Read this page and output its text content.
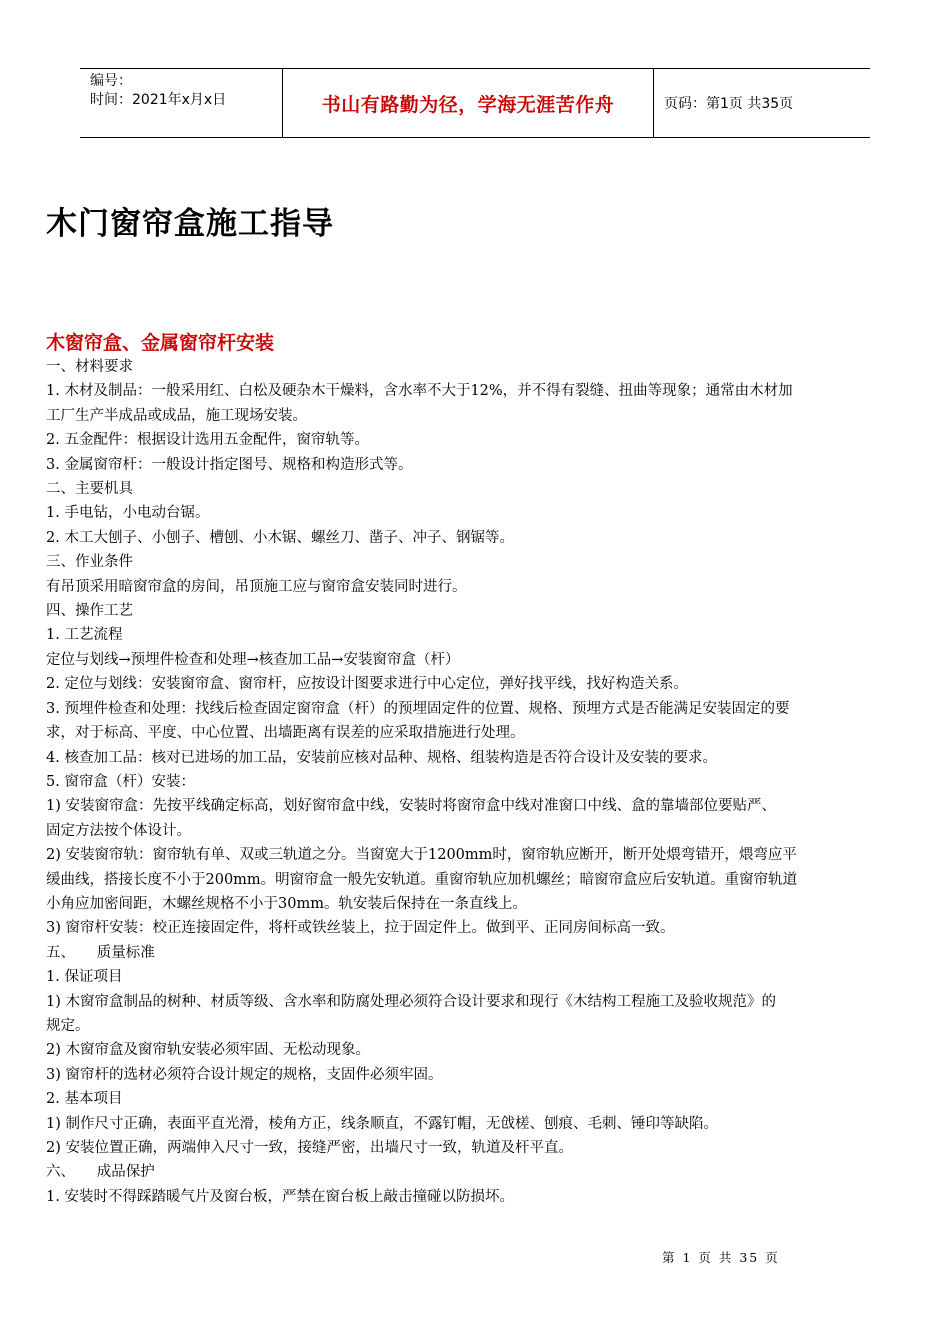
编号：
时间：2021年x月x日	书山有路勤为径，学海无涯苦作舟	页码：第1页 共35页
木门窗帘盒施工指导
木窗帘盒、金属窗帘杆安装
一、材料要求
1. 木材及制品：一般采用红、白松及硬杂木干燥料，含水率不大于12%，并不得有裂缝、扭曲等现象；通常由木材加
工厂生产半成品或成品，施工现场安装。
2. 五金配件：根据设计选用五金配件，窗帘轨等。
3. 金属窗帘杆：一般设计指定图号、规格和构造形式等。
二、主要机具
1. 手电钻，小电动台锯。
2. 木工大刨子、小刨子、槽刨、小木锯、螺丝刀、凿子、冲子、钢锯等。
三、作业条件
有吊顶采用暗窗帘盒的房间，吊顶施工应与窗帘盒安装同时进行。
四、操作工艺
1. 工艺流程
定位与划线→预埋件检查和处理→核查加工品→安装窗帘盒（杆）
2. 定位与划线：安装窗帘盒、窗帘杆，应按设计图要求进行中心定位，弹好找平线，找好构造关系。
3. 预埋件检查和处理：找线后检查固定窗帘盒（杆）的预埋固定件的位置、规格、预埋方式是否能满足安装固定的要
求，对于标高、平度、中心位置、出墙距离有误差的应采取措施进行处理。
4. 核查加工品：核对已进场的加工品，安装前应核对品种、规格、组装构造是否符合设计及安装的要求。
5. 窗帘盒（杆）安装：
1) 安装窗帘盒：先按平线确定标高，划好窗帘盒中线，安装时将窗帘盒中线对准窗口中线、盒的靠墙部位要贴严、
固定方法按个体设计。
2) 安装窗帘轨：窗帘轨有单、双或三轨道之分。当窗宽大于1200mm时，窗帘轨应断开，断开处煨弯错开，煨弯应平
缓曲线，搭接长度不小于200mm。明窗帘盒一般先安轨道。重窗帘轨应加机螺丝；暗窗帘盒应后安轨道。重窗帘轨道
小角应加密间距，木螺丝规格不小于30mm。轨安装后保持在一条直线上。
3) 窗帘杆安装：校正连接固定件，将杆或铁丝装上，拉于固定件上。做到平、正同房间标高一致。
五、　　质量标准
1. 保证项目
1) 木窗帘盒制品的树种、材质等级、含水率和防腐处理必须符合设计要求和现行《木结构工程施工及验收规范》的
规定。
2) 木窗帘盒及窗帘轨安装必须牢固、无松动现象。
3) 窗帘杆的选材必须符合设计规定的规格，支固件必须牢固。
2. 基本项目
1) 制作尺寸正确，表面平直光滑，棱角方正，线条顺直，不露钉帽，无戗槎、刨痕、毛刺、锤印等缺陷。
2) 安装位置正确，两端伸入尺寸一致，接缝严密，出墙尺寸一致，轨道及杆平直。
六、　　成品保护
1. 安装时不得踩踏暖气片及窗台板，严禁在窗台板上敲击撞碰以防损坏。
第 1 页 共 35 页
